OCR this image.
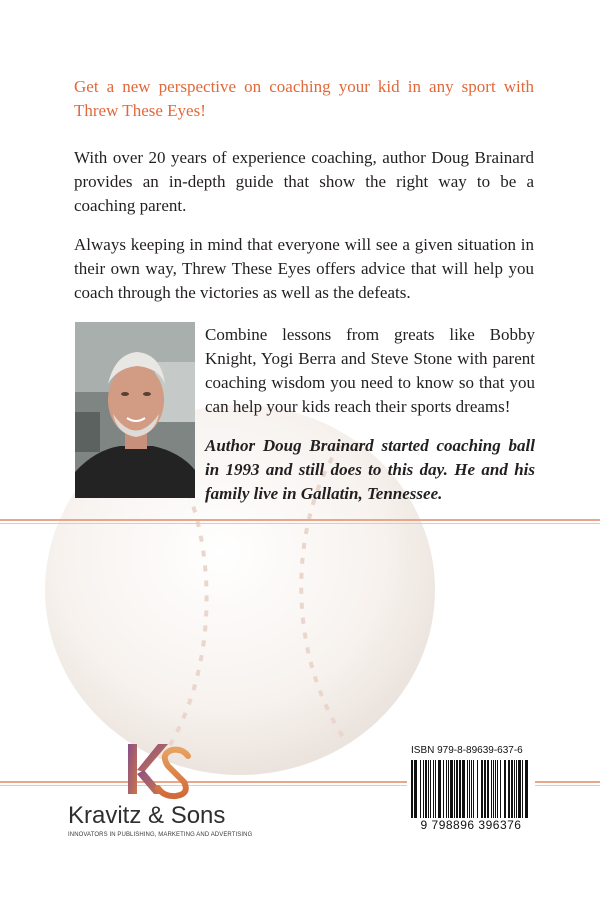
Get a new perspective on coaching your kid in any sport with Threw These Eyes!
With over 20 years of experience coaching, author Doug Brainard provides an in-depth guide that show the right way to be a coaching parent.
Always keeping in mind that everyone will see a given situation in their own way, Threw These Eyes offers advice that will help you coach through the victories as well as the defeats.
Combine lessons from greats like Bobby Knight, Yogi Berra and Steve Stone with parent coaching wisdom you need to know so that you can help your kids reach their sports dreams!
Author Doug Brainard started coaching ball in 1993 and still does to this day. He and his family live in Gallatin, Tennessee.
Kravitz & Sons
INNOVATORS IN PUBLISHING, MARKETING AND ADVERTISING
ISBN 979-8-89639-637-6
9 798896 396376
